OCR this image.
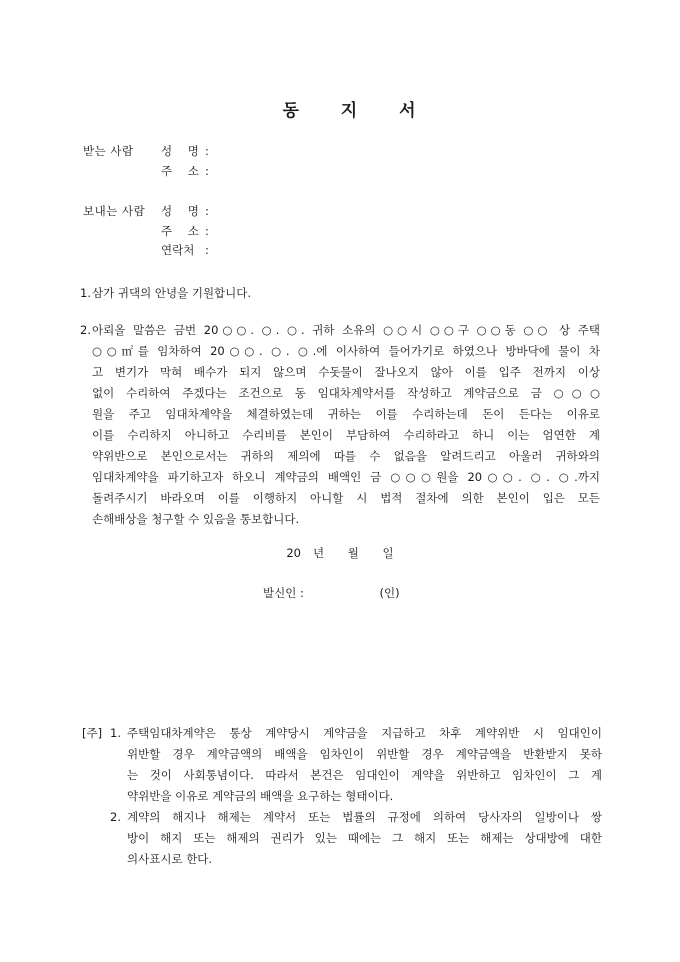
동 지 서
받는 사람	성 명 :
주 소 :
보내는 사람	성 명 :
주 소 :
연락처 :
1. 삼가 귀댁의 안녕을 기원합니다.
2. 아뢰올 말씀은 금번 20○○. ○. ○. 귀하 소유의 ○○시 ○○구 ○○동 ○○ 상 주택
○○㎡를 임차하여 20○○. ○. ○.에 이사하여 들어가기로 하였으나 방바닥에 물이 차
고 변기가 막혀 배수가 되지 않으며 수돗물이 잘나오지 않아 이를 입주 전까지 이상
없이 수리하여 주겠다는 조건으로 동 임대차계약서를 작성하고 계약금으로 금 ○○○
원을 주고 임대차계약을 체결하였는데 귀하는 이를 수리하는데 돈이 든다는 이유로
이를 수리하지 아니하고 수리비를 본인이 부담하여 수리하라고 하니 이는 엄연한 계
약위반으로 본인으로서는 귀하의 제의에 따를 수 없음을 알려드리고 아울러 귀하와의
임대차계약을 파기하고자 하오니 계약금의 배액인 금 ○○○원을 20○○. ○. ○.까지
돌려주시기 바라오며 이를 이행하지 아니할 시 법적 절차에 의한 본인이 입은 모든
손해배상을 청구할 수 있음을 통보합니다.
20 년 월 일
발신인 :	(인)
[주] 1. 주택임대차계약은 통상 계약당시 계약금을 지급하고 차후 계약위반 시 임대인이
위반할 경우 계약금액의 배액을 임차인이 위반할 경우 계약금액을 반환받지 못하
는 것이 사회통념이다. 따라서 본건은 임대인이 계약을 위반하고 임차인이 그 계
약위반을 이유로 계약금의 배액을 요구하는 형태이다.
2. 계약의 해지나 해제는 계약서 또는 법률의 규정에 의하여 당사자의 일방이나 쌍
방이 해지 또는 해제의 권리가 있는 때에는 그 해지 또는 해제는 상대방에 대한
의사표시로 한다.
